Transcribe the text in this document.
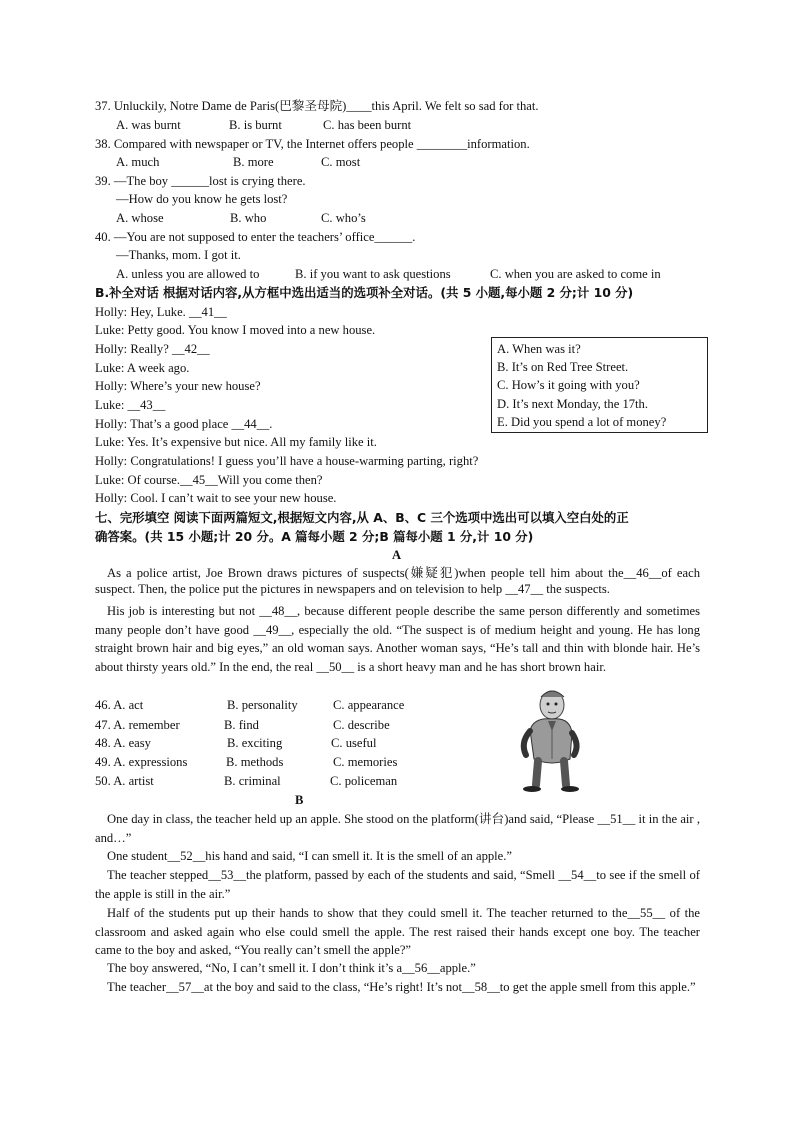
37. Unluckily, Notre Dame de Paris(巴黎圣母院)____this April. We felt so sad for that.
A. was burnt	B. is burnt	C. has been burnt
38. Compared with newspaper or TV, the Internet offers people ________information.
A. much	B. more	C. most
39. —The boy ______lost is crying there.
—How do you know he gets lost?
A. whose	B. who	C. who’s
40. —You are not supposed to enter the teachers’ office______.
—Thanks, mom. I got it.
A. unless you are allowed to	B. if you want to ask questions	C. when you are asked to come in
B.补全对话 根据对话内容,从方框中选出适当的选项补全对话。(共 5 小题,每小题 2 分;计 10 分)
Holly: Hey, Luke. __41__
Luke: Petty good. You know I moved into a new house.
Holly: Really? __42__
Luke: A week ago.
Holly: Where’s your new house?
Luke: __43__
Holly: That’s a good place __44__.
Luke: Yes. It’s expensive but nice. All my family like it.
Holly: Congratulations! I guess you’ll have a house-warming parting, right?
Luke: Of course.__45__Will you come then?
Holly: Cool. I can’t wait to see your new house.
A. When was it?
B. It’s on Red Tree Street.
C. How’s it going with you?
D. It’s next Monday, the 17th.
E. Did you spend a lot of money?
七、完形填空 阅读下面两篇短文,根据短文内容,从 A、B、C 三个选项中选出可以填入空白处的正
确答案。(共 15 小题;计 20 分。A 篇每小题 2 分;B 篇每小题 1 分,计 10 分)
A
As a police artist, Joe Brown draws pictures of suspects(嫌疑犯)when people tell him about the__46__of each suspect. Then, the police put the pictures in newspapers and on television to help __47__ the suspects.
His job is interesting but not __48__, because different people describe the same person differently and sometimes many people don’t have good __49__, especially the old. “The suspect is of medium height and young. He has long straight brown hair and big eyes,” an old woman says. Another woman says, “He’s tall and thin with blonde hair. He’s about thirsty years old.” In the end, the real __50__ is a short heavy man and he has short brown hair.
46. A. act	B. personality	C. appearance
47. A. remember	B. find	C. describe
48. A. easy	B. exciting	C. useful
49. A. expressions	B. methods	C. memories
50. A. artist	B. criminal	C. policeman
B
One day in class, the teacher held up an apple. She stood on the platform(讲台)and said, “Please __51__ it in the air , and…”
One student__52__his hand and said, “I can smell it. It is the smell of an apple.”
The teacher stepped__53__the platform, passed by each of the students and said, “Smell __54__to see if the smell of the apple is still in the air.”
Half of the students put up their hands to show that they could smell it. The teacher returned to the__55__ of the classroom and asked again who else could smell the apple. The rest raised their hands except one boy. The teacher came to the boy and asked, “You really can’t smell the apple?”
The boy answered, “No, I can’t smell it. I don’t think it’s a__56__apple.”
The teacher__57__at the boy and said to the class, “He’s right! It’s not__58__to get the apple smell from this apple.”
